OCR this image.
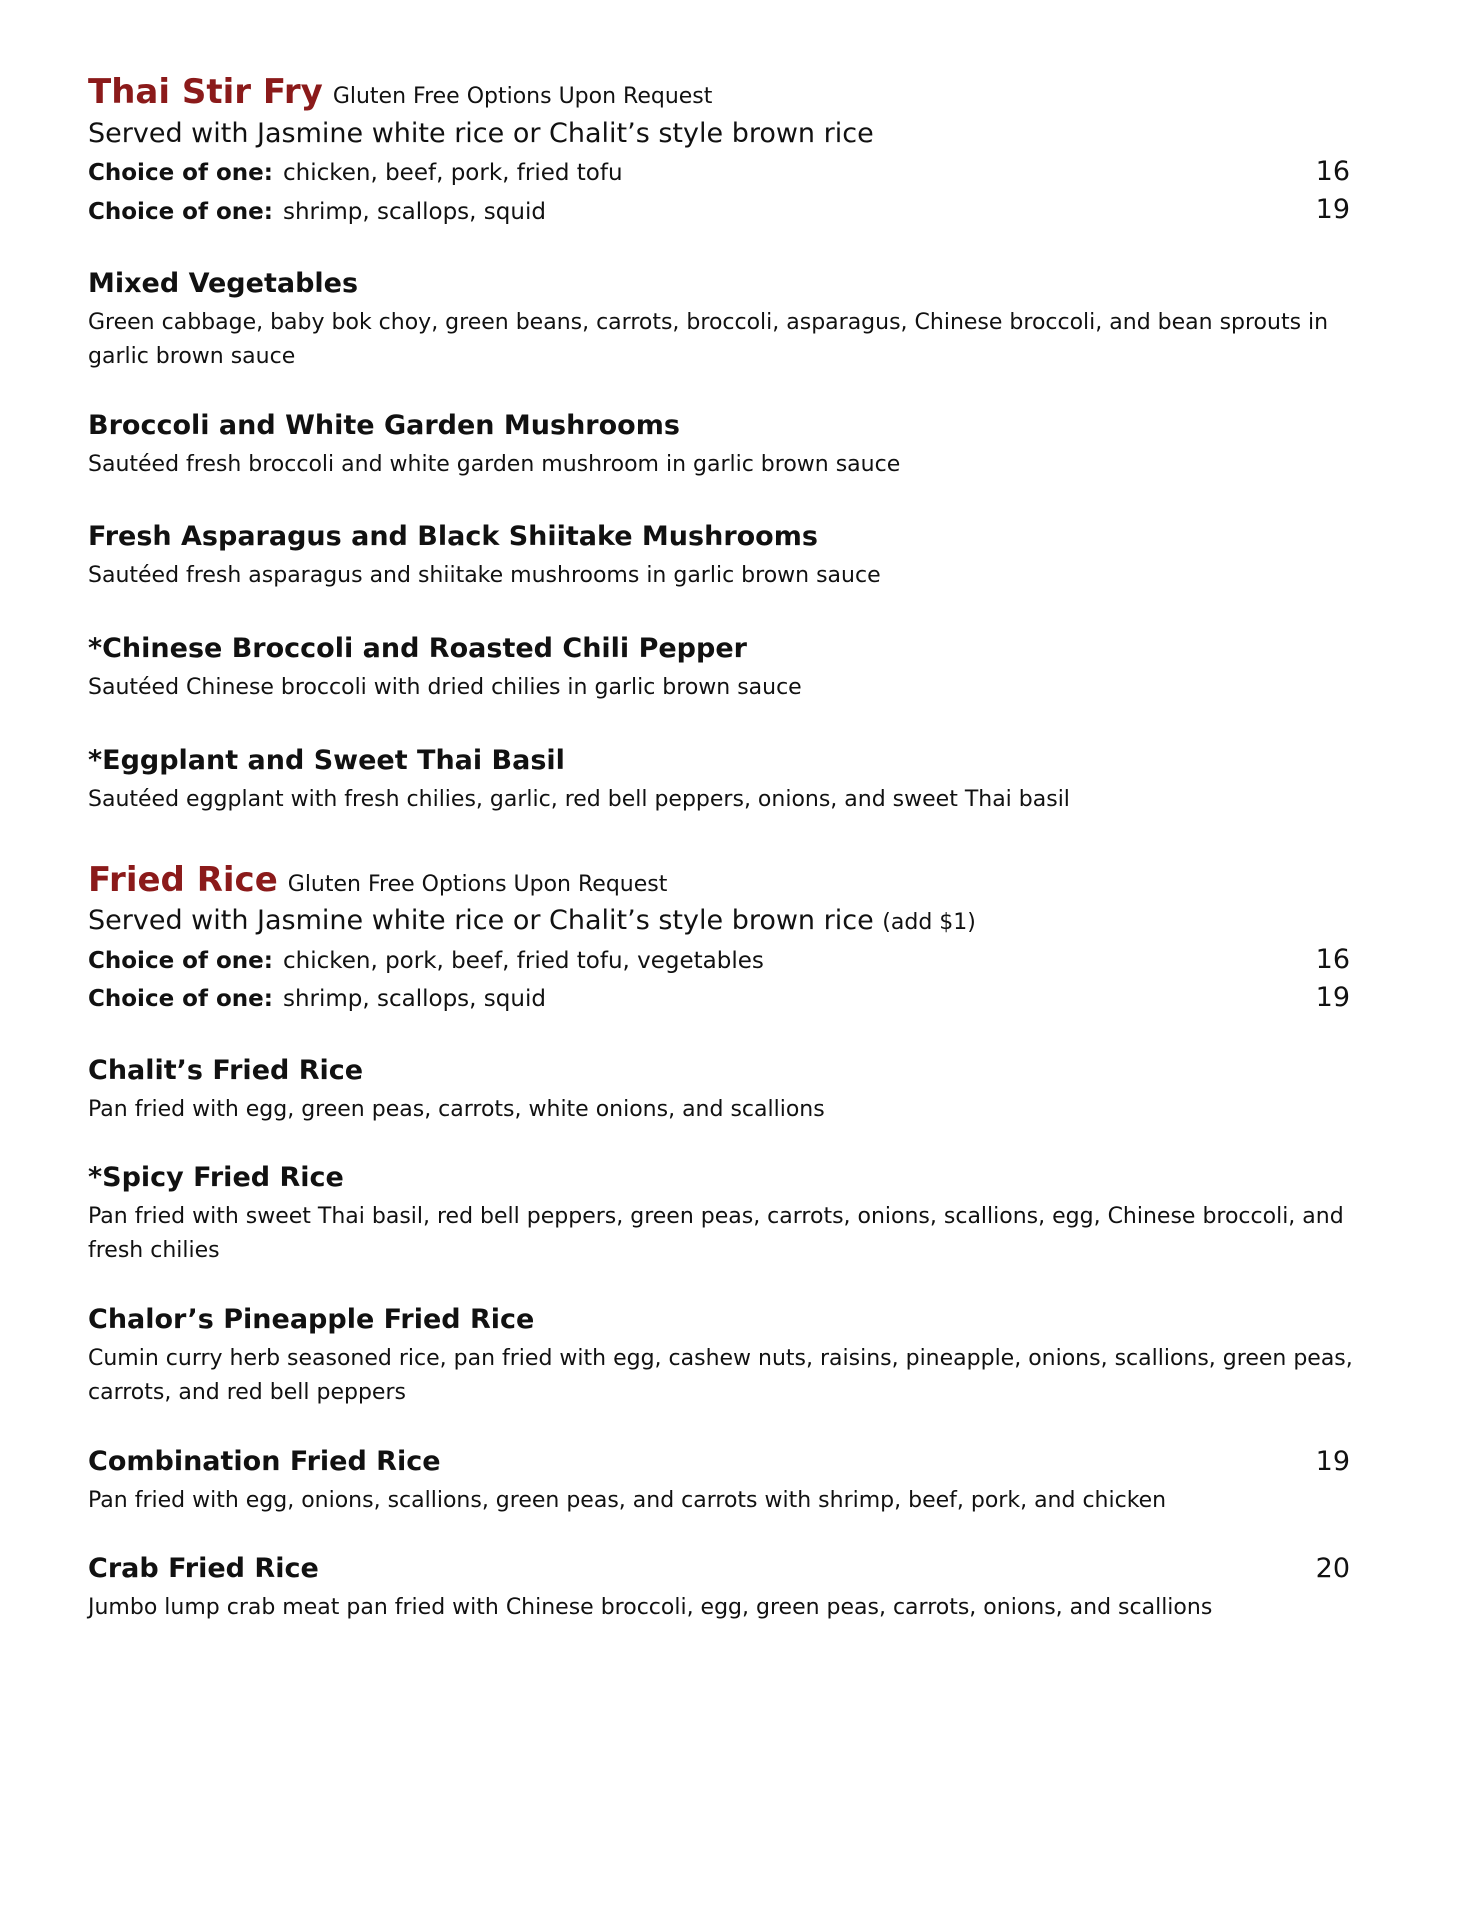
Thai Stir Fry Gluten Free Options Upon Request
Served with Jasmine white rice or Chalit’s style brown rice
Choice of one: chicken, beef, pork, fried tofu	16
Choice of one: shrimp, scallops, squid	19
Mixed Vegetables
Green cabbage, baby bok choy, green beans, carrots, broccoli, asparagus, Chinese broccoli, and bean sprouts in garlic brown sauce
Broccoli and White Garden Mushrooms
Sautéed fresh broccoli and white garden mushroom in garlic brown sauce
Fresh Asparagus and Black Shiitake Mushrooms
Sautéed fresh asparagus and shiitake mushrooms in garlic brown sauce
*Chinese Broccoli and Roasted Chili Pepper
Sautéed Chinese broccoli with dried chilies in garlic brown sauce
*Eggplant and Sweet Thai Basil
Sautéed eggplant with fresh chilies, garlic, red bell peppers, onions, and sweet Thai basil
Fried Rice Gluten Free Options Upon Request
Served with Jasmine white rice or Chalit’s style brown rice (add $1)
Choice of one: chicken, pork, beef, fried tofu, vegetables	16
Choice of one: shrimp, scallops, squid	19
Chalit’s Fried Rice
Pan fried with egg, green peas, carrots, white onions, and scallions
*Spicy Fried Rice
Pan fried with sweet Thai basil, red bell peppers, green peas, carrots, onions, scallions, egg, Chinese broccoli, and fresh chilies
Chalor’s Pineapple Fried Rice
Cumin curry herb seasoned rice, pan fried with egg, cashew nuts, raisins, pineapple, onions, scallions, green peas, carrots, and red bell peppers
Combination Fried Rice	19
Pan fried with egg, onions, scallions, green peas, and carrots with shrimp, beef, pork, and chicken
Crab Fried Rice	20
Jumbo lump crab meat pan fried with Chinese broccoli, egg, green peas, carrots, onions, and scallions
